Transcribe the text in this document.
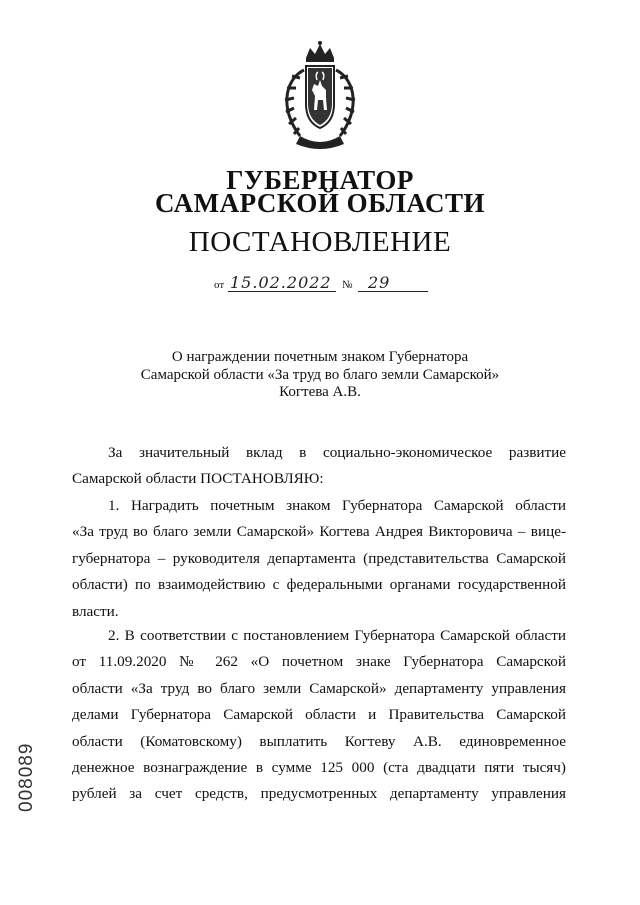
ГУБЕРНАТОР
САМАРСКОЙ ОБЛАСТИ
ПОСТАНОВЛЕНИЕ
от 15.02.2022 № 29
О награждении почетным знаком Губернатора
Самарской области «За труд во благо земли Самарской»
Когтева А.В.
За значительный вклад в социально-экономическое развитие
Самарской области ПОСТАНОВЛЯЮ:
1. Наградить почетным знаком Губернатора Самарской области
«За труд во благо земли Самарской» Когтева Андрея Викторовича – вице-
губернатора – руководителя департамента (представительства Самарской
области) по взаимодействию с федеральными органами государственной
власти.
2. В соответствии с постановлением Губернатора Самарской области
от 11.09.2020 № 262 «О почетном знаке Губернатора Самарской
области «За труд во благо земли Самарской» департаменту управления
делами Губернатора Самарской области и Правительства Самарской
области (Коматовскому) выплатить Когтеву А.В. единовременное
денежное вознаграждение в сумме 125 000 (ста двадцати пяти тысяч)
рублей за счет средств, предусмотренных департаменту управления
008089
